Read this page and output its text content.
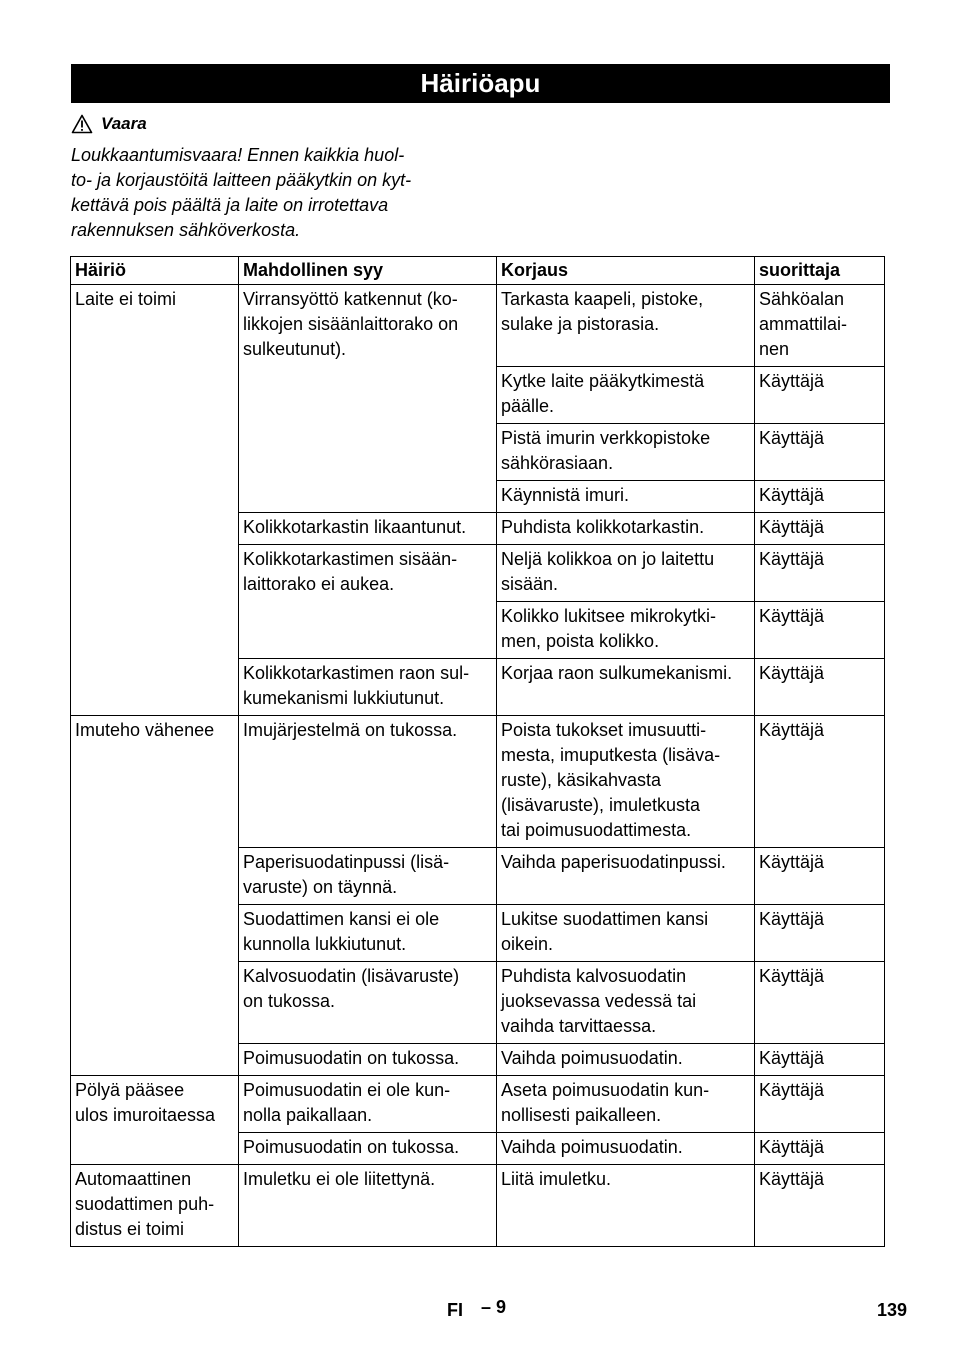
Häiriöapu
Vaara
Loukkaantumisvaara! Ennen kaikkia huol-
to- ja korjaustöitä laitteen pääkytkin on kyt-
kettävä pois päältä ja laite on irrotettava
rakennuksen sähköverkosta.
Häiriö	Mahdollinen syy	Korjaus	suorittaja
Laite ei toimi	Virransyöttö katkennut (ko-
likkojen sisäänlaittorako on
sulkeutunut).	Tarkasta kaapeli, pistoke,
sulake ja pistorasia.	Sähköalan
ammattilai-
nen
		Kytke laite pääkytkimestä
päälle.	Käyttäjä
		Pistä imurin verkkopistoke
sähkörasiaan.	Käyttäjä
		Käynnistä imuri.	Käyttäjä
	Kolikkotarkastin likaantunut.	Puhdista kolikkotarkastin.	Käyttäjä
	Kolikkotarkastimen sisään-
laittorako ei aukea.	Neljä kolikkoa on jo laitettu
sisään.	Käyttäjä
		Kolikko lukitsee mikrokytki-
men, poista kolikko.	Käyttäjä
	Kolikkotarkastimen raon sul-
kumekanismi lukkiutunut.	Korjaa raon sulkumekanismi.	Käyttäjä
Imuteho vähenee	Imujärjestelmä on tukossa.	Poista tukokset imusuutti-
mesta, imuputkesta (lisäva-
ruste), käsikahvasta
(lisävaruste), imuletkusta
tai poimusuodattimesta.	Käyttäjä
	Paperisuodatinpussi (lisä-
varuste) on täynnä.	Vaihda paperisuodatinpussi.	Käyttäjä
	Suodattimen kansi ei ole
kunnolla lukkiutunut.	Lukitse suodattimen kansi
oikein.	Käyttäjä
	Kalvosuodatin (lisävaruste)
on tukossa.	Puhdista kalvosuodatin
juoksevassa vedessä tai
vaihda tarvittaessa.	Käyttäjä
	Poimusuodatin on tukossa.	Vaihda poimusuodatin.	Käyttäjä
Pölyä pääsee
ulos imuroitaessa	Poimusuodatin ei ole kun-
nolla paikallaan.	Aseta poimusuodatin kun-
nollisesti paikalleen.	Käyttäjä
	Poimusuodatin on tukossa.	Vaihda poimusuodatin.	Käyttäjä
Automaattinen
suodattimen puh-
distus ei toimi	Imuletku ei ole liitettynä.	Liitä imuletku.	Käyttäjä
FI – 9	139
